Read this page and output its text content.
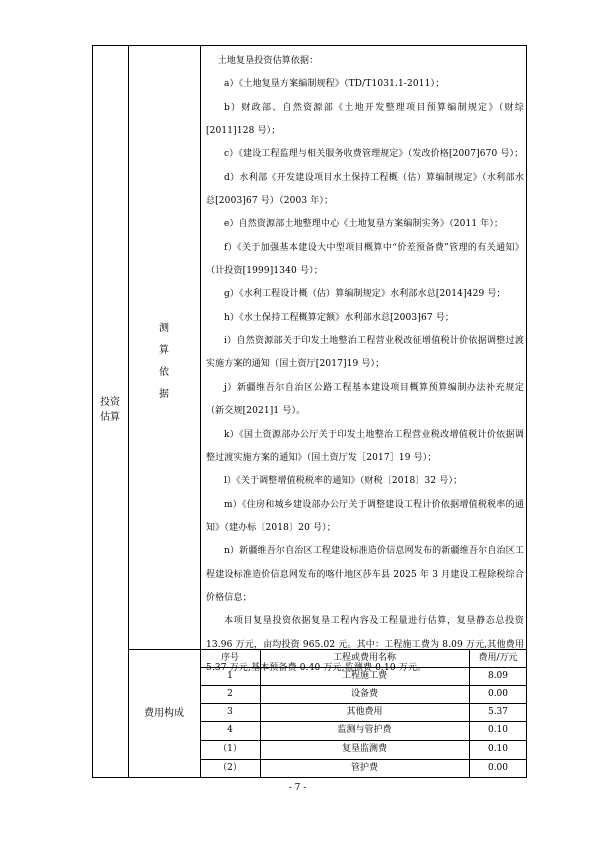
投资
估算
测
算
依
据
费用构成

土地复垦投资估算依据：

a）《土地复垦方案编制规程》（TD/T1031.1-2011）；

b）财政部、自然资源部《土地开发整理项目预算编制规定》（财综[2011]128 号）；

c）《建设工程监理与相关服务收费管理规定》（发改价格[2007]670 号）；

d）水利部《开发建设项目水土保持工程概（估）算编制规定》（水利部水总[2003]67 号）（2003 年）；

e）自然资源部土地整理中心《土地复垦方案编制实务》（2011 年）；

f）《关于加强基本建设大中型项目概算中“价差预备费”管理的有关通知》（计投资[1999]1340 号）；

g）《水利工程设计概（估）算编制规定》水利部水总[2014]429 号；

h）《水土保持工程概算定额》水利部水总[2003]67 号；

i）自然资源部关于印发土地整治工程营业税改征增值税计价依据调整过渡实施方案的通知（国土资厅[2017]19 号）；

j）新疆维吾尔自治区公路工程基本建设项目概算预算编制办法补充规定（新交规[2021]1 号）。

k）《国土资源部办公厅关于印发土地整治工程营业税改增值税计价依据调整过渡实施方案的通知》（国土资厅发［2017］19 号）；

l）《关于调整增值税税率的通知》（财税〔2018〕32 号）；

m）《住房和城乡建设部办公厅关于调整建设工程计价依据增值税税率的通知》（建办标〔2018〕20 号）；

n）新疆维吾尔自治区工程建设标准造价信息网发布的新疆维吾尔自治区工程建设标准造价信息网发布的喀什地区莎车县 2025 年 3 月建设工程除税综合价格信息；

本项目复垦投资依据复垦工程内容及工程量进行估算，复垦静态总投资 13.96 万元，亩均投资 965.02 元。其中：工程施工费为 8.09 万元,其他费用 5.37 万元,基本预备费 0.40 万元,监测费 0.10 万元。

序号	工程或费用名称	费用/万元
1	工程施工费	8.09
2	设备费	0.00
3	其他费用	5.37
4	监测与管护费	0.10
（1）	复垦监测费	0.10
（2）	管护费	0.00
- 7 -
